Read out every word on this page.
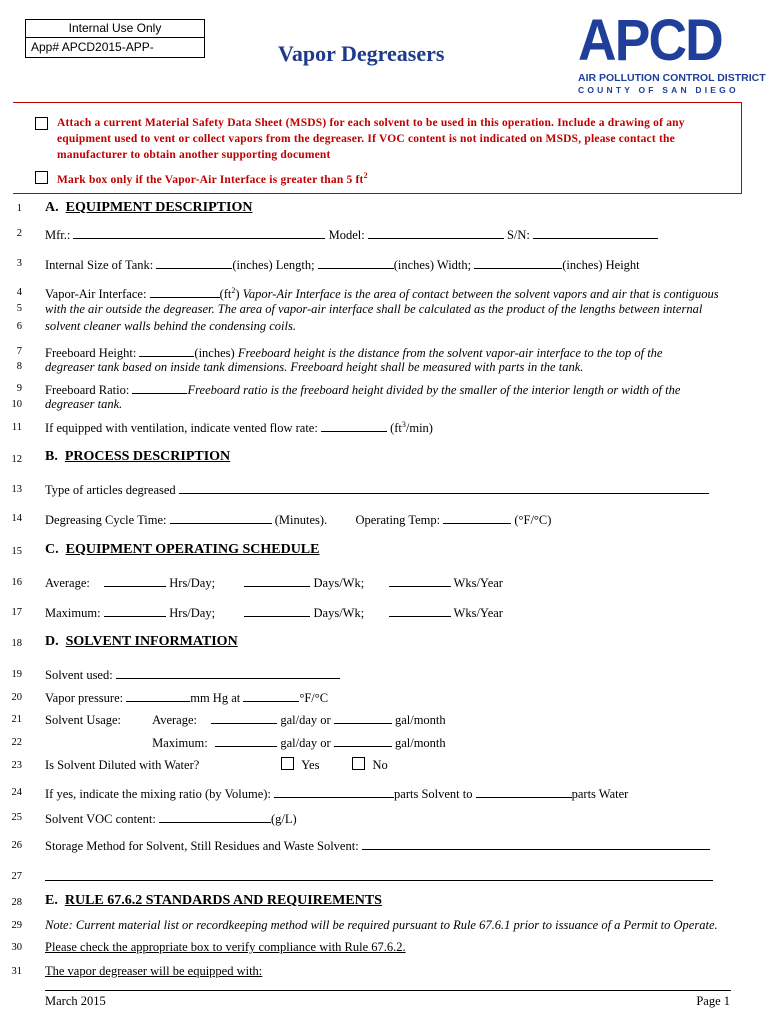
Internal Use Only
App# APCD2015-APP-	Vapor Degreasers APCD
AIR POLLUTION CONTROL DISTRICT
COUNTY OF SAN DIEGO
Attach a current Material Safety Data Sheet (MSDS) for each solvent to be used in this operation. Include a drawing of any
equipment used to vent or collect vapors from the degreaser. If VOC content is not indicated on MSDS, please contact the
manufacturer to obtain another supporting document
Mark box only if the Vapor-Air Interface is greater than 5 $ft^2$
1
2
3
4
5
6
7
8
9
10
11
12
13
14
15
16
17
18
19
20
21
22
23
24
25
26
27
28
29
30
31
A. EQUIPMENT DESCRIPTION
Mfr.:	Model:	S/N:
Internal Size of Tank:	(inches) Length;	(inches) Width;	(inches) Height
Vapor-Air Interface:	$(ft^2)$ Vapor-Air Interface is the area of contact between the solvent vapors and air that is contiguous
with the air outside the degreaser. The area of vapor-air interface shall be calculated as the product of the lengths between internal
solvent cleaner walls behind the condensing coils.
Freeboard Height:	(inches) Freeboard height is the distance from the solvent vapor-air interface to the top of the
degreaser tank based on inside tank dimensions. Freeboard height shall be measured with parts in the tank.
Freeboard Ratio:	Freeboard ratio is the freeboard height divided by the smaller of the interior length or width of the
degreaser tank.
If equipped with ventilation, indicate vented flow rate:	$(ft^3/\min)$
B. PROCESS DESCRIPTION
Type of articles degreased
Degreasing Cycle Time:	(Minutes). Operating Temp:	(°F/°C)
C. EQUIPMENT OPERATING SCHEDULE
Average:	Hrs/Day;	Days/Wk;	Wks/Year
Maximum:	Hrs/Day;	Days/Wk;	Wks/Year
D. SOLVENT INFORMATION
Solvent used:
Vapor pressure:	mm Hg at	°F/°C
Solvent Usage: Average:	gal/day or	gal/month
Maximum:	gal/day or	gal/month
Is Solvent Diluted with Water?	Yes	No
If yes, indicate the mixing ratio (by Volume):	parts Solvent to	parts Water
Solvent VOC content:	(g/L)
Storage Method for Solvent, Still Residues and Waste Solvent:
E. RULE 67.6.2 STANDARDS AND REQUIREMENTS
Note: Current material list or recordkeeping method will be required pursuant to Rule 67.6.1 prior to issuance of a Permit to Operate.
Please check the appropriate box to verify compliance with Rule 67.6.2.
The vapor degreaser will be equipped with:
March 2015	Page 1
